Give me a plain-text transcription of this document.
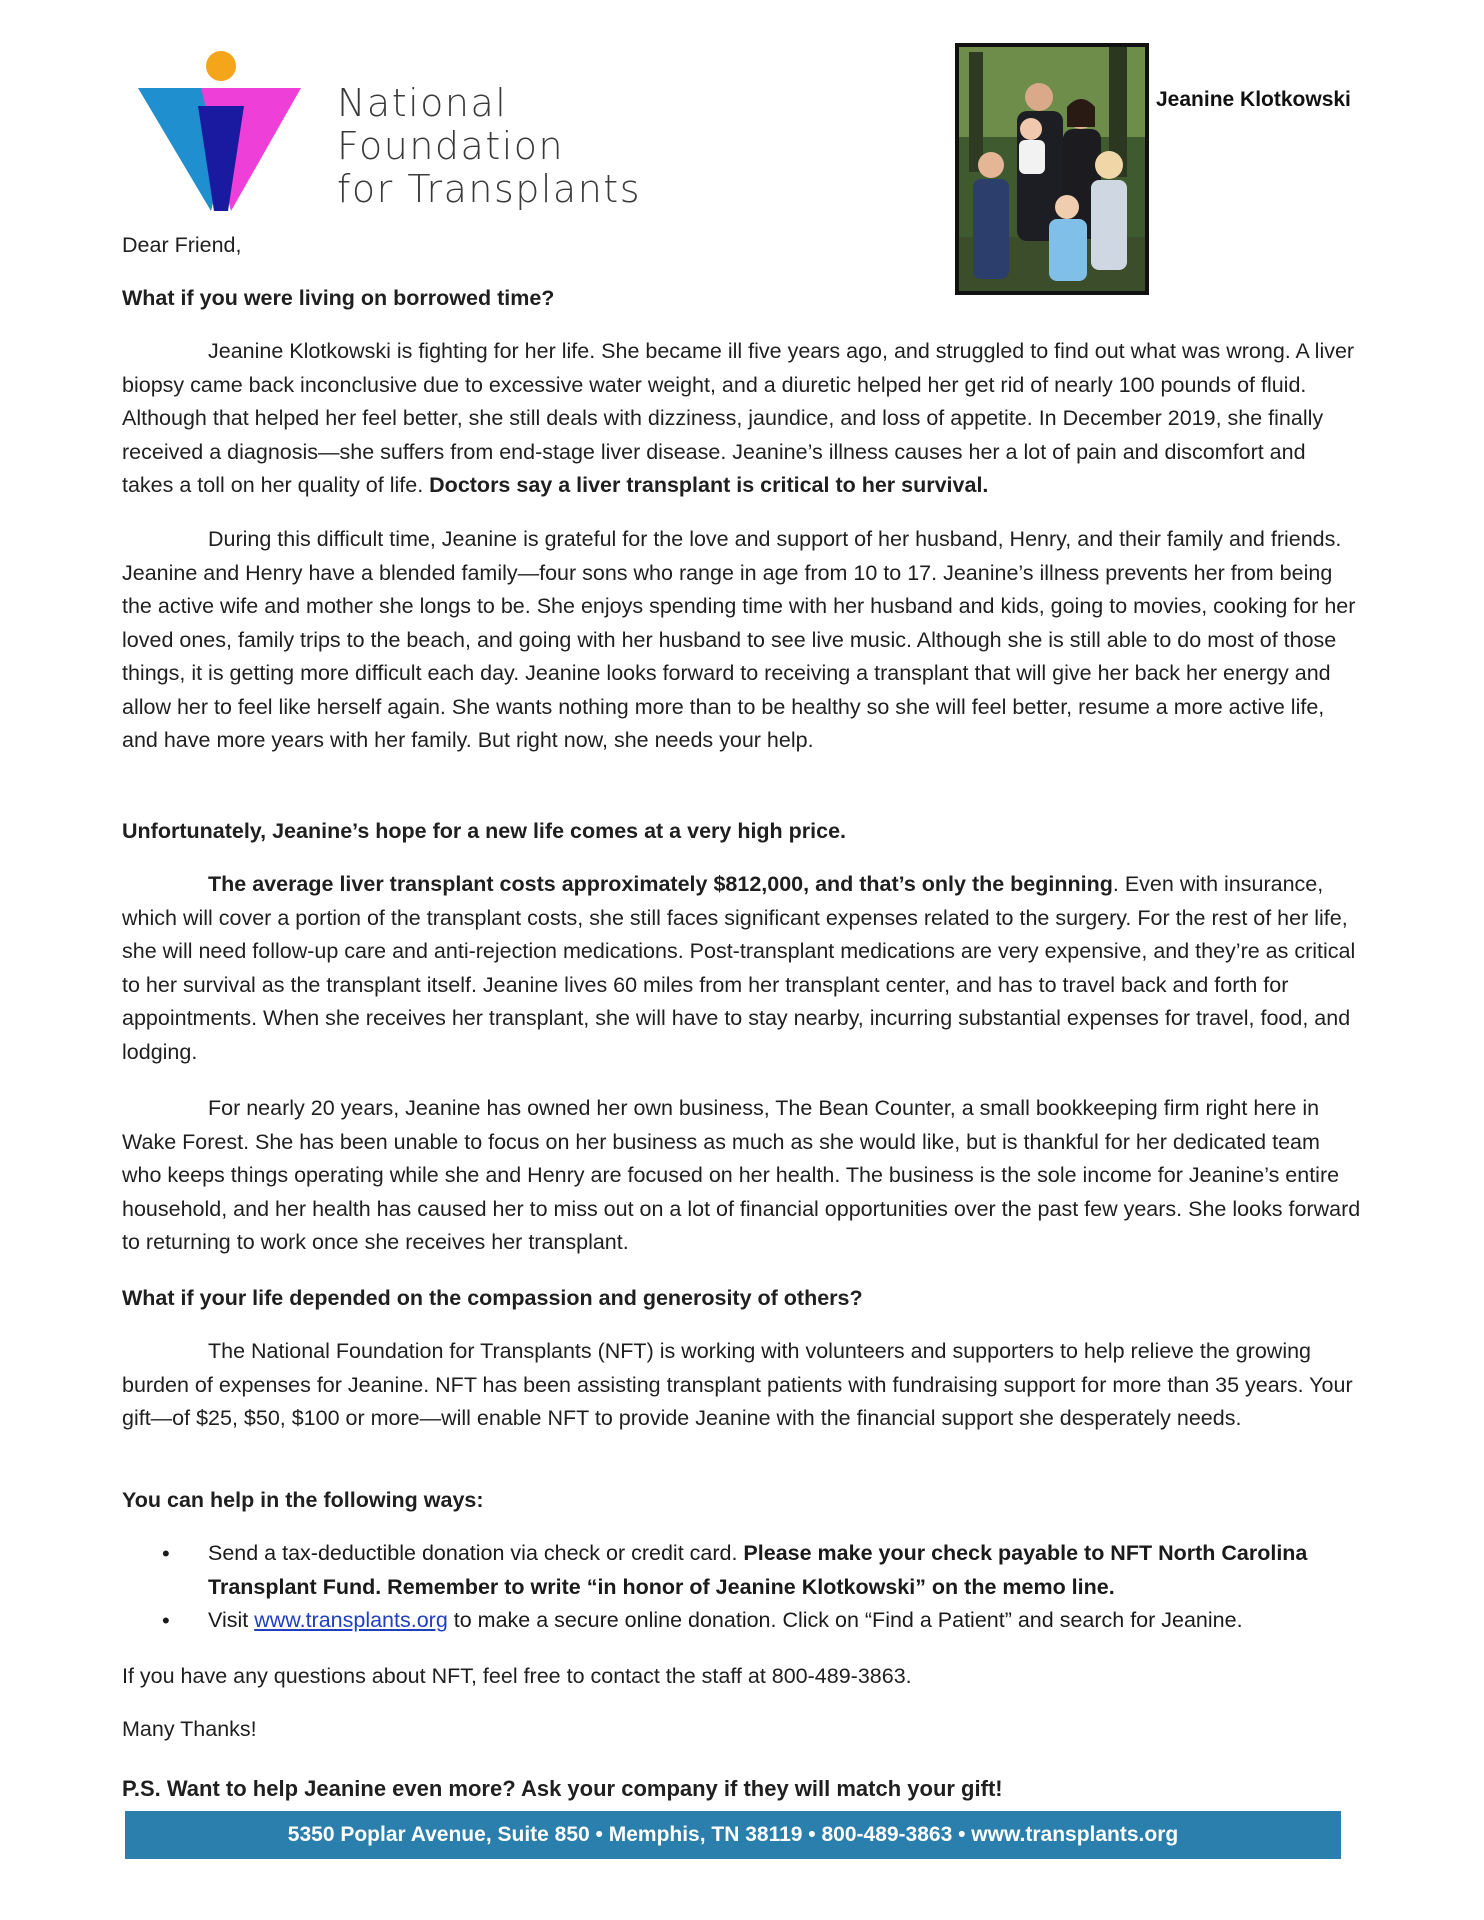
National
Foundation
for Transplants
Jeanine Klotkowski
Dear Friend,
What if you were living on borrowed time?

Jeanine Klotkowski is fighting for her life. She became ill five years ago, and struggled to find out what was wrong. A liver biopsy came back inconclusive due to excessive water weight, and a diuretic helped her get rid of nearly 100 pounds of fluid. Although that helped her feel better, she still deals with dizziness, jaundice, and loss of appetite. In December 2019, she finally received a diagnosis—she suffers from end-stage liver disease. Jeanine’s illness causes her a lot of pain and discomfort and takes a toll on her quality of life. Doctors say a liver transplant is critical to her survival.

During this difficult time, Jeanine is grateful for the love and support of her husband, Henry, and their family and friends. Jeanine and Henry have a blended family—four sons who range in age from 10 to 17. Jeanine’s illness prevents her from being the active wife and mother she longs to be. She enjoys spending time with her husband and kids, going to movies, cooking for her loved ones, family trips to the beach, and going with her husband to see live music. Although she is still able to do most of those things, it is getting more difficult each day. Jeanine looks forward to receiving a transplant that will give her back her energy and allow her to feel like herself again. She wants nothing more than to be healthy so she will feel better, resume a more active life, and have more years with her family. But right now, she needs your help.

Unfortunately, Jeanine’s hope for a new life comes at a very high price.

The average liver transplant costs approximately $812,000, and that’s only the beginning. Even with insurance, which will cover a portion of the transplant costs, she still faces significant expenses related to the surgery. For the rest of her life, she will need follow-up care and anti-rejection medications. Post-transplant medications are very expensive, and they’re as critical to her survival as the transplant itself. Jeanine lives 60 miles from her transplant center, and has to travel back and forth for appointments. When she receives her transplant, she will have to stay nearby, incurring substantial expenses for travel, food, and lodging.

For nearly 20 years, Jeanine has owned her own business, The Bean Counter, a small bookkeeping firm right here in Wake Forest. She has been unable to focus on her business as much as she would like, but is thankful for her dedicated team who keeps things operating while she and Henry are focused on her health. The business is the sole income for Jeanine’s entire household, and her health has caused her to miss out on a lot of financial opportunities over the past few years. She looks forward to returning to work once she receives her transplant.

What if your life depended on the compassion and generosity of others?

The National Foundation for Transplants (NFT) is working with volunteers and supporters to help relieve the growing burden of expenses for Jeanine. NFT has been assisting transplant patients with fundraising support for more than 35 years. Your gift—of $25, $50, $100 or more—will enable NFT to provide Jeanine with the financial support she desperately needs.

You can help in the following ways:
• Send a tax-deductible donation via check or credit card. Please make your check payable to NFT North Carolina Transplant Fund. Remember to write “in honor of Jeanine Klotkowski” on the memo line.
• Visit www.transplants.org to make a secure online donation. Click on “Find a Patient” and search for Jeanine.
If you have any questions about NFT, feel free to contact the staff at 800-489-3863.
Many Thanks!
P.S. Want to help Jeanine even more? Ask your company if they will match your gift!
5350 Poplar Avenue, Suite 850 • Memphis, TN 38119 • 800-489-3863 • www.transplants.org
